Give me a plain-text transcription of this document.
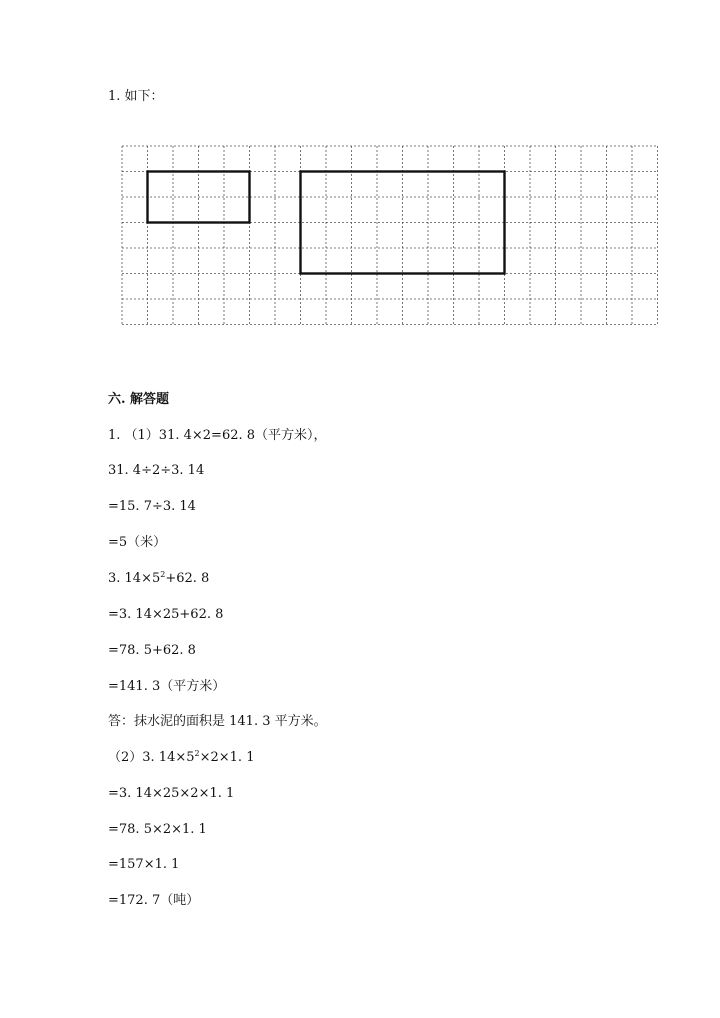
1. 如下：
六. 解答题
1. （1）31. 4×2=62. 8（平方米），
31. 4÷2÷3. 14
=15. 7÷3. 14
=5（米）
3. $14\times 5^2+62$. 8
=3. 14×25+62. 8
=78. 5+62. 8
=141. 3（平方米）
答：抹水泥的面积是 141. 3 平方米。
（2）3. $14\times 5^2\times 2\times 1$. 1
=3. 14×25×2×1. 1
=78. 5×2×1. 1
=157×1. 1
=172. 7（吨）
